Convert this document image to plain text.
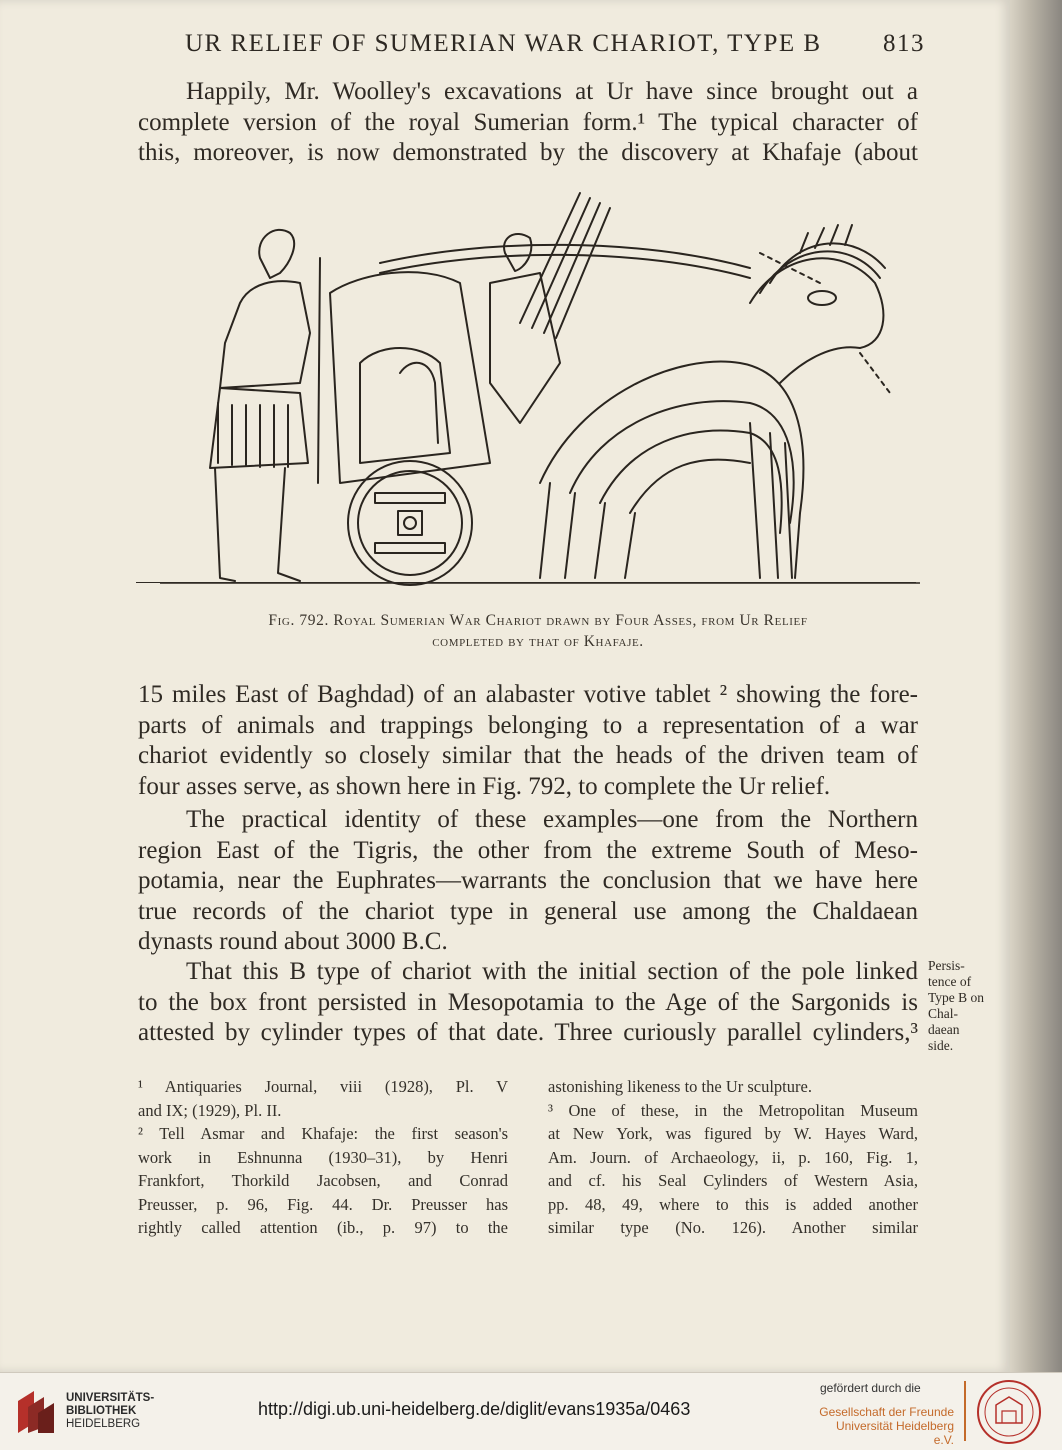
UR RELIEF OF SUMERIAN WAR CHARIOT, TYPE B 813
Happily, Mr. Woolley's excavations at Ur have since brought out a
complete version of the royal Sumerian form.¹ The typical character of
this, moreover, is now demonstrated by the discovery at Khafaje (about
Fig. 792. Royal Sumerian War Chariot drawn by Four Asses, from Ur Relief
completed by that of Khafaje.
15 miles East of Baghdad) of an alabaster votive tablet ² showing the fore-
parts of animals and trappings belonging to a representation of a war
chariot evidently so closely similar that the heads of the driven team of
four asses serve, as shown here in Fig. 792, to complete the Ur relief.
The practical identity of these examples—one from the Northern
region East of the Tigris, the other from the extreme South of Meso-
potamia, near the Euphrates—warrants the conclusion that we have here
true records of the chariot type in general use among the Chaldaean
dynasts round about 3000 B.C.
That this B type of chariot with the initial section of the pole linked
to the box front persisted in Mesopotamia to the Age of the Sargonids is
attested by cylinder types of that date. Three curiously parallel cylinders,³
Persis-
tence of
Type B on
Chal-
daean
side.
¹ Antiquaries Journal, viii (1928), Pl. V
and IX; (1929), Pl. II.
² Tell Asmar and Khafaje: the first season's
work in Eshnunna (1930–31), by Henri
Frankfort, Thorkild Jacobsen, and Conrad
Preusser, p. 96, Fig. 44. Dr. Preusser has
rightly called attention (ib., p. 97) to the
astonishing likeness to the Ur sculpture.
³ One of these, in the Metropolitan Museum
at New York, was figured by W. Hayes Ward,
Am. Journ. of Archaeology, ii, p. 160, Fig. 1,
and cf. his Seal Cylinders of Western Asia,
pp. 48, 49, where to this is added another
similar type (No. 126). Another similar
UNIVERSITÄTS-
BIBLIOTHEK
HEIDELBERG
http://digi.ub.uni-heidelberg.de/diglit/evans1935a/0463
gefördert durch die
Gesellschaft der Freunde
Universität Heidelberg e.V.
